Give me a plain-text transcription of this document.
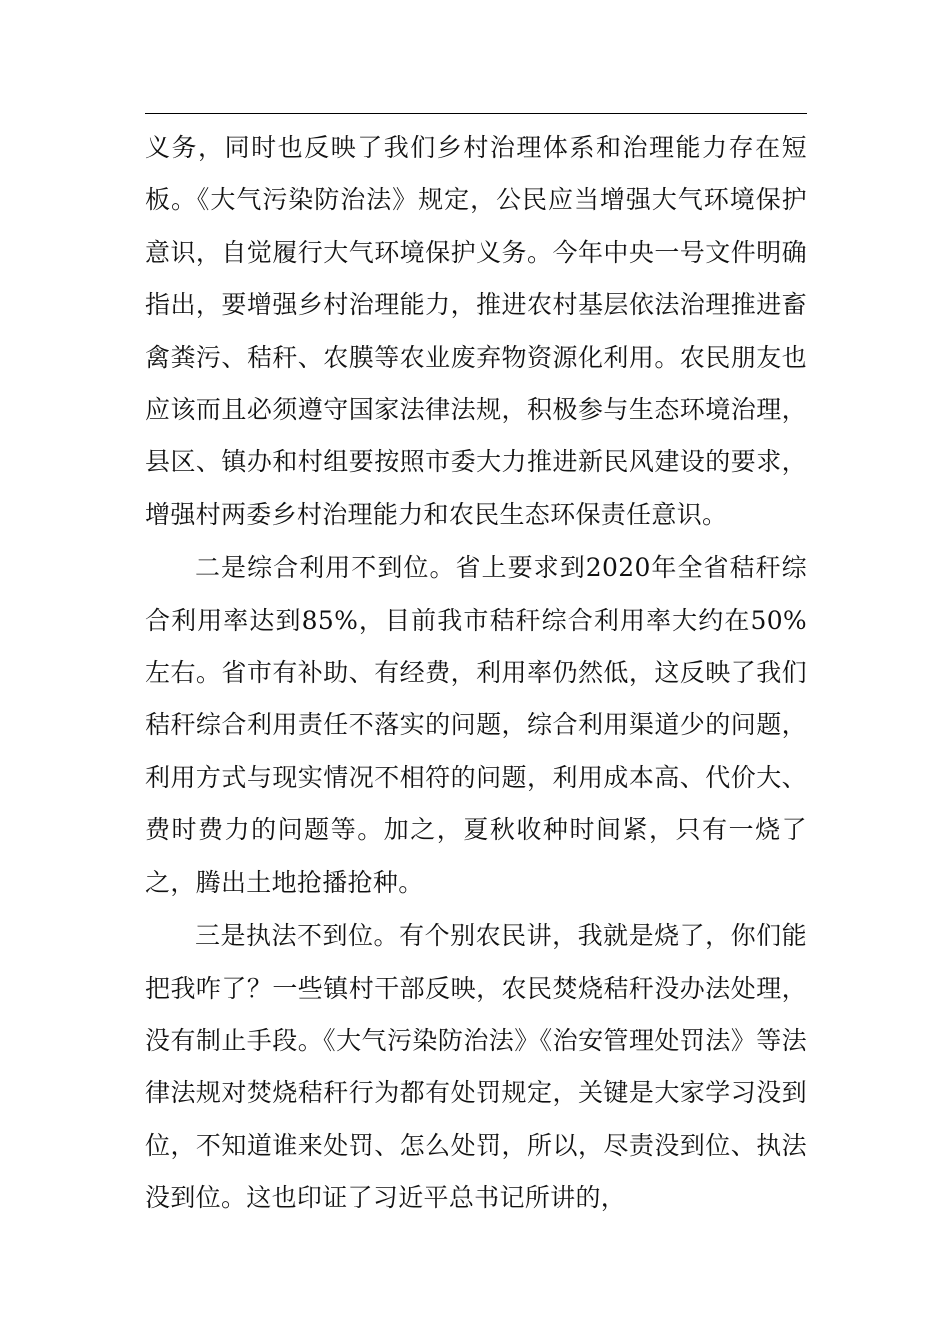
义务，同时也反映了我们乡村治理体系和治理能力存在短板。《大气污染防治法》规定，公民应当增强大气环境保护意识，自觉履行大气环境保护义务。今年中央一号文件明确指出，要增强乡村治理能力，推进农村基层依法治理推进畜禽粪污、秸秆、农膜等农业废弃物资源化利用。农民朋友也应该而且必须遵守国家法律法规，积极参与生态环境治理，县区、镇办和村组要按照市委大力推进新民风建设的要求，增强村两委乡村治理能力和农民生态环保责任意识。

二是综合利用不到位。省上要求到2020年全省秸秆综合利用率达到85%，目前我市秸秆综合利用率大约在50%左右。省市有补助、有经费，利用率仍然低，这反映了我们秸秆综合利用责任不落实的问题，综合利用渠道少的问题，利用方式与现实情况不相符的问题，利用成本高、代价大、费时费力的问题等。加之，夏秋收种时间紧，只有一烧了之，腾出土地抢播抢种。

三是执法不到位。有个别农民讲，我就是烧了，你们能把我咋了？一些镇村干部反映，农民焚烧秸秆没办法处理，没有制止手段。《大气污染防治法》《治安管理处罚法》等法律法规对焚烧秸秆行为都有处罚规定，关键是大家学习没到位，不知道谁来处罚、怎么处罚，所以，尽责没到位、执法没到位。这也印证了习近平总书记所讲的，
